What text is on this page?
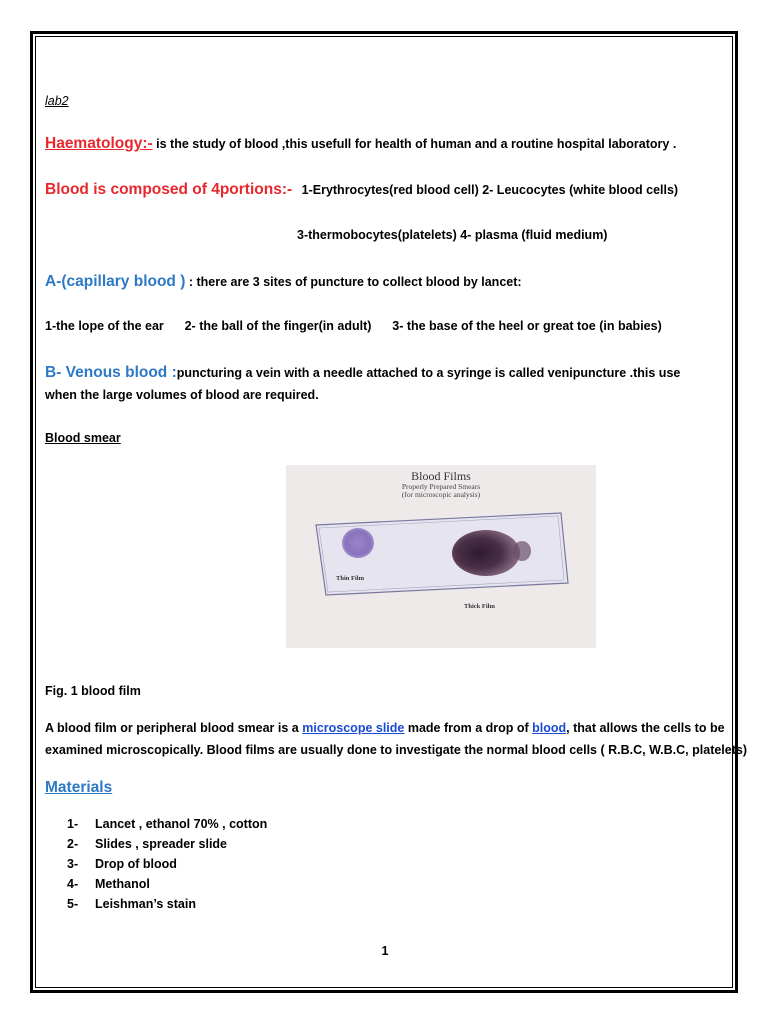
lab2
Haematology:- is the study of blood ,this usefull for health of human and a routine hospital laboratory .
Blood is composed of 4portions:- 1-Erythrocytes(red blood cell) 2- Leucocytes (white blood cells)
3-thermobocytes(platelets) 4- plasma (fluid medium)
A-(capillary blood ) : there are 3 sites of puncture to collect blood by lancet:
1-the lope of the ear      2- the ball of the finger(in adult)      3- the base of the heel or great toe (in babies)
B- Venous blood :puncturing a vein with a needle attached to a syringe is called venipuncture .this use
when the large volumes of blood are required.
Blood smear
Blood Films
Properly Prepared Smears
(for microscopic analysis)
Thin Film
Thick Film
Fig. 1 blood film
A blood film or peripheral blood smear is a microscope slide made from a drop of blood, that allows the cells to be
examined microscopically. Blood films are usually done to investigate the normal blood cells ( R.B.C, W.B.C, platelets)
Materials
1- Lancet , ethanol 70% , cotton
2- Slides , spreader slide
3- Drop of blood
4- Methanol
5- Leishman’s stain
1
